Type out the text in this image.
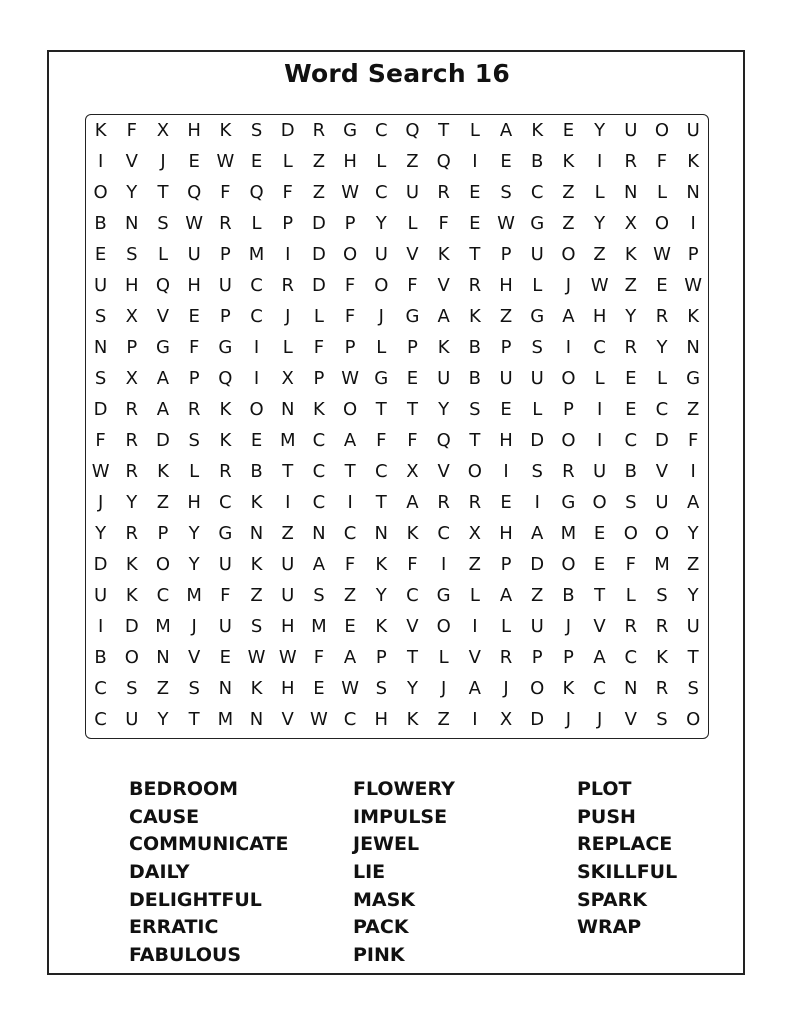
Word Search 16
K	F	X	H	K	S	D R G C Q	T	L	A	K	E	Y	U O U
I	V	J	E W E	L	Z	H	L	Z Q	I	E	B	K	I	R	F	K
O	Y	T	Q	F	Q	F	Z W C	U	R	E	S	C	Z	L	N	L	N
B	N	S W R	L	P	D	P	Y	L	F	E W G	Z	Y	X O	I
E	S	L	U	P	M	I	D O U	V	K	T	P	U O Z	K W P
U H Q H U	C	R	D	F	O	F	V	R	H	L	J	W Z	E W
S	X	V	E	P	C	J	L	F	J	G	A	K	Z	G	A	H	Y	R	K
N	P	G	F	G	I	L	F	P	L	P	K	B	P	S	I	C	R	Y	N
S	X	A	P	Q	I	X	P W G	E	U	B	U	U O	L	E	L	G
D R	A	R	K	O N	K	O	T	T	Y	S	E	L	P	I	E	C	Z
F	R	D	S	K	E M C	A	F	F	Q	T	H D O	I	C D	F
W R	K	L	R	B	T	C	T	C	X	V O	I	S	R	U	B	V	I
J	Y	Z	H	C	K	I	C	I	T	A	R	R	E	I	G O	S	U	A
Y	R	P	Y	G N	Z	N	C	N	K	C	X	H	A M E	O O	Y
D	K	O	Y	U	K	U	A	F	K	F	I	Z	P	D O	E	F	M Z
U	K	C M	F	Z	U	S	Z	Y	C G	L	A	Z	B	T	L	S	Y
I	D M	J	U	S	H M E	K	V O	I	L	U	J	V	R	R	U
B O N	V	E W W F	A	P	T	L	V	R	P	P	A	C	K	T
C	S	Z	S	N	K	H	E W S	Y	J	A	J	O	K	C	N	R	S
C	U	Y	T M N	V W C	H	K	Z	I	X	D	J	J	V	S	O
BEDROOM
CAUSE
COMMUNICATE
DAILY
DELIGHTFUL
ERRATIC
FABULOUS
FLOWERY
IMPULSE
JEWEL
LIE
MASK
PACK
PINK
PLOT
PUSH
REPLACE
SKILLFUL
SPARK
WRAP
